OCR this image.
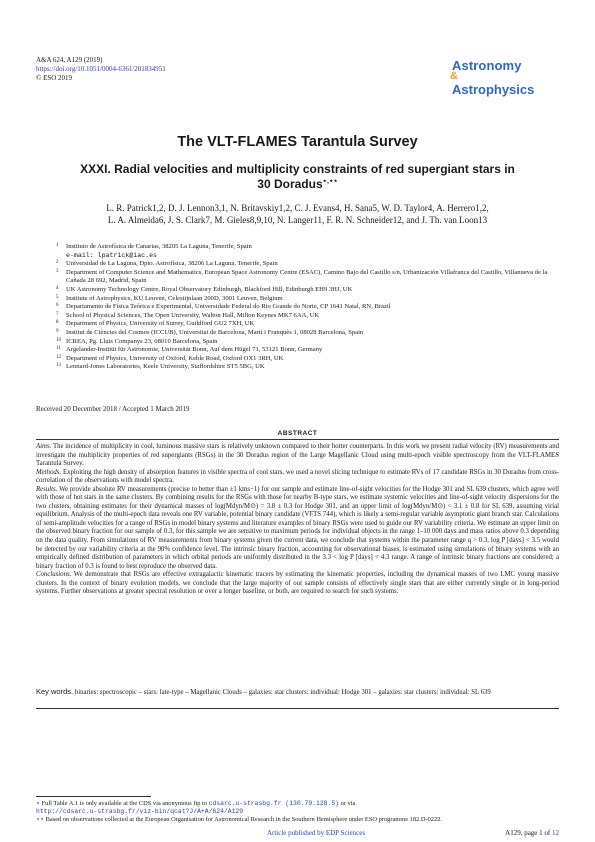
A&A 624, A129 (2019)
https://doi.org/10.1051/0004-6361/201834951
© ESO 2019
Astronomy
&
Astrophysics
The VLT-FLAMES Tarantula Survey
XXXI. Radial velocities and multiplicity constraints of red supergiant stars in 30 Doradus⋆,⋆⋆
L. R. Patrick1,2, D. J. Lennon3,1, N. Britavskiy1,2, C. J. Evans4, H. Sana5, W. D. Taylor4, A. Herrero1,2,
L. A. Almeida6, J. S. Clark7, M. Gieles8,9,10, N. Langer11, F. R. N. Schneider12, and J. Th. van Loon13
1 Instituto de Astrofísica de Canarias, 38205 La Laguna, Tenerife, Spain
e-mail: lpatrick@iac.es
2 Universidad de La Laguna, Dpto. Astrofísica, 38206 La Laguna, Tenerife, Spain
3 Department of Computer Science and Mathematics, European Space Astronomy Centre (ESAC), Camino Bajo del Castillo s/n, Urbanización Villafranca del Castillo, Villanueva de la Cañada 28 692, Madrid, Spain
4 UK Astronomy Technology Centre, Royal Observatory Edinburgh, Blackford Hill, Edinburgh EH9 3HJ, UK
5 Institute of Astrophysics, KU Leuven, Celestijnlaan 200D, 3001 Leuven, Belgium
6 Departamento de Física Teórica e Experimental, Universidade Federal do Rio Grande do Norte, CP 1641 Natal, RN, Brazil
7 School of Physical Sciences, The Open University, Walton Hall, Milton Keynes MK7 6AA, UK
8 Department of Physics, University of Surrey, Guildford GU2 7XH, UK
9 Institut de Ciències del Cosmos (ICCUB), Universitat de Barcelona, Martí i Franquès 1, 08028 Barcelona, Spain
10 ICREA, Pg. Lluis Companys 23, 08010 Barcelona, Spain
11 Argelander-Institüt für Astronomie, Universität Bonn, Auf dem Hügel 71, 53121 Bonn, Germany
12 Department of Physics, University of Oxford, Keble Road, Oxford OX1 3RH, UK
13 Lennard-Jones Laboratories, Keele University, Staffordshire ST5 5BG, UK
Received 20 December 2018 / Accepted 1 March 2019
ABSTRACT

Aims. The incidence of multiplicity in cool, luminous massive stars is relatively unknown compared to their hotter counterparts. In this work we present radial velocity (RV) measurements and investigate the multiplicity properties of red supergiants (RSGs) in the 30 Doradus region of the Large Magellanic Cloud using multi-epoch visible spectroscopy from the VLT-FLAMES Tarantula Survey.

Methods. Exploiting the high density of absorption features in visible spectra of cool stars, we used a novel slicing technique to estimate RVs of 17 candidate RSGs in 30 Doradus from cross-correlation of the observations with model spectra.

Results. We provide absolute RV measurements (precise to better than ±1 kms−1) for our sample and estimate line-of-sight velocities for the Hodge 301 and SL 639 clusters, which agree well with those of hot stars in the same clusters. By combining results for the RSGs with those for nearby B-type stars, we estimate systemic velocities and line-of-sight velocity dispersions for the two clusters, obtaining estimates for their dynamical masses of log(Mdyn/M⊙) = 3.8 ± 0.3 for Hodge 301, and an upper limit of log(Mdyn/M⊙) < 3.1 ± 0.8 for SL 639, assuming virial equilibrium. Analysis of the multi-epoch data reveals one RV variable, potential binary candidate (VFTS 744), which is likely a semi-regular variable asymptotic giant branch star. Calculations of semi-amplitude velocities for a range of RSGs in model binary systems and literature examples of binary RSGs were used to guide our RV variability criteria. We estimate an upper limit on the observed binary fraction for our sample of 0.3, for this sample we are sensitive to maximum periods for individual objects in the range 1–10 000 days and mass ratios above 0.3 depending on the data quality. From simulations of RV measurements from binary systems given the current data, we conclude that systems within the parameter range q > 0.3, log P [days] < 3.5 would be detected by our variability criteria at the 90% confidence level. The intrinsic binary fraction, accounting for observational biases, is estimated using simulations of binary systems with an empirically defined distribution of parameters in which orbital periods are uniformly distributed in the 3.3 < log P [days] < 4.3 range. A range of intrinsic binary fractions are considered; a binary fraction of 0.3 is found to best reproduce the observed data.

Conclusions. We demonstrate that RSGs are effective extragalactic kinematic tracers by estimating the kinematic properties, including the dynamical masses of two LMC young massive clusters. In the context of binary evolution models, we conclude that the large majority of our sample consists of effectively single stars that are either currently single or in long-period systems. Further observations at greater spectral resolution or over a longer baseline, or both, are required to search for such systems.

Key words. binaries: spectroscopic – stars: late-type – Magellanic Clouds – galaxies: star clusters: individual: Hodge 301 – galaxies: star clusters: individual: SL 639
⋆ Full Table A.1 is only available at the CDS via anonymous ftp to cdsarc.u-strasbg.fr (130.79.128.5) or via
http://cdsarc.u-strasbg.fr/viz-bin/qcat?J/A+A/624/A129
⋆⋆ Based on observations collected at the European Organisation for Astronomical Research in the Southern Hemisphere under ESO programme 182.D-0222.
Article published by EDP Sciences	A129, page 1 of 12
